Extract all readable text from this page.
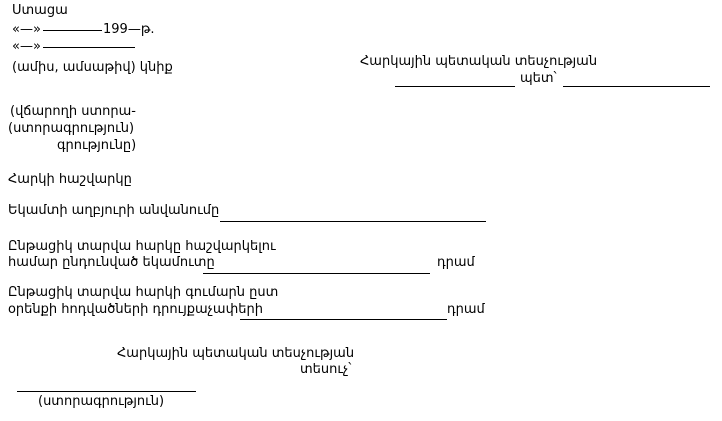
Ստացա
«—»	199—թ.
«—»
(ամիս, ամսաթիվ) կնիք	Հարկային պետական տեսչության
պետ՝
(վճարողի ստորա-
(ստորագրություն)
գրությունը)
Հարկի հաշվարկը
Եկամտի աղբյուրի անվանումը
Ընթացիկ տարվա հարկը հաշվարկելու
համար ընդունված եկամուտը	դրամ
Ընթացիկ տարվա հարկի գումարն ըստ
օրենքի հոդվածների դրույքաչափերի	դրամ
Հարկային պետական տեսչության
տեսուչ՝
(ստորագրություն)
